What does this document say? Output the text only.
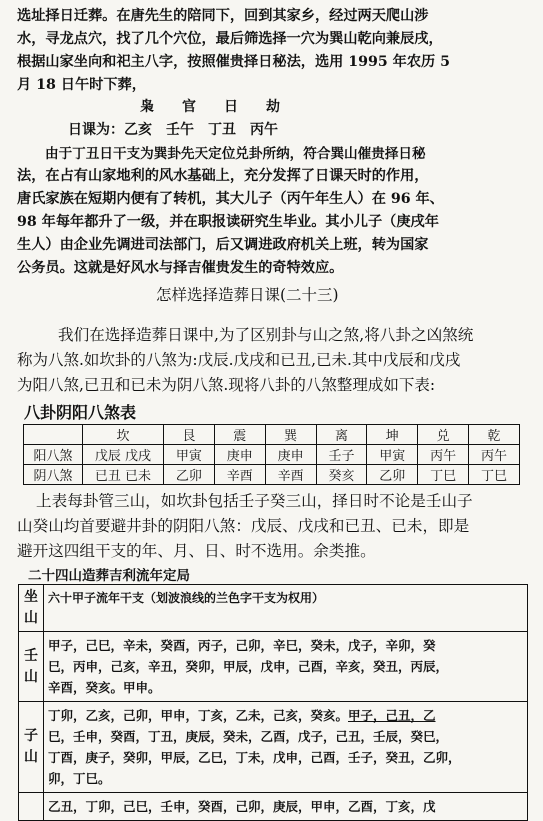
选址择日迁葬。在唐先生的陪同下，回到其家乡，经过两天爬山涉

水，寻龙点穴，找了几个穴位，最后筛选择一穴为巽山乾向兼辰戌，

根据山家坐向和祀主八字，按照催贵择日秘法，选用 1995 年农历 5

月 18 日午时下葬，

枭　　官　　日　　劫

日课为：乙亥　壬午　丁丑　丙午

由于丁丑日干支为巽卦先天定位兑卦所纳，符合巽山催贵择日秘

法，在占有山家地利的风水基础上，充分发挥了日课天时的作用，

唐氏家族在短期内便有了转机，其大儿子（丙午年生人）在 96 年、

98 年每年都升了一级，并在职报读研究生毕业。其小儿子（庚戌年

生人）由企业先调进司法部门，后又调进政府机关上班，转为国家

公务员。这就是好风水与择吉催贵发生的奇特效应。

怎样选择造葬日课(二十三)

我们在选择造葬日课中,为了区别卦与山之煞,将八卦之凶煞统

称为八煞.如坎卦的八煞为:戊辰.戊戌和已丑,已未.其中戊辰和戊戌

为阳八煞,已丑和已未为阴八煞.现将八卦的八煞整理成如下表:

八卦阴阳八煞表

	坎	艮	震	巽	离	坤	兑	乾
阳八煞	戊辰 戊戌	甲寅	庚申	庚申	壬子	甲寅	丙午	丙午
阴八煞	已丑 已未	乙卯	辛酉	辛酉	癸亥	乙卯	丁巳	丁巳

上表每卦管三山，如坎卦包括壬子癸三山，择日时不论是壬山子

山癸山均首要避井卦的阴阳八煞：戊辰、戊戌和已丑、已未，即是

避开这四组干支的年、月、日、时不选用。余类推。

二十四山造葬吉利流年定局

坐山	六十甲子流年干支（划波浪线的兰色字干支为权用）
壬山	甲子，己巳，辛未，癸酉，丙子，己卯，辛巳，癸未，戊子，辛卯，癸
巳，丙申，己亥，辛丑，癸卯，甲辰，戊申，己酉，辛亥，癸丑，丙辰，
辛酉，癸亥。甲申。

子山	丁卯，乙亥，己卯，甲申，丁亥，乙未，己亥，癸亥。甲子，己丑，乙
巳，壬申，癸酉，丁丑，庚辰，癸未，乙酉，戊子，己丑，壬辰，癸巳，
丁酉，庚子，癸卯，甲辰，乙巳，丁未，戊申，己酉，壬子，癸丑，乙卯，
卯，丁巳。

	乙丑，丁卯，己巳，壬申，癸酉，己卯，庚辰，甲申，乙酉，丁亥，戊
